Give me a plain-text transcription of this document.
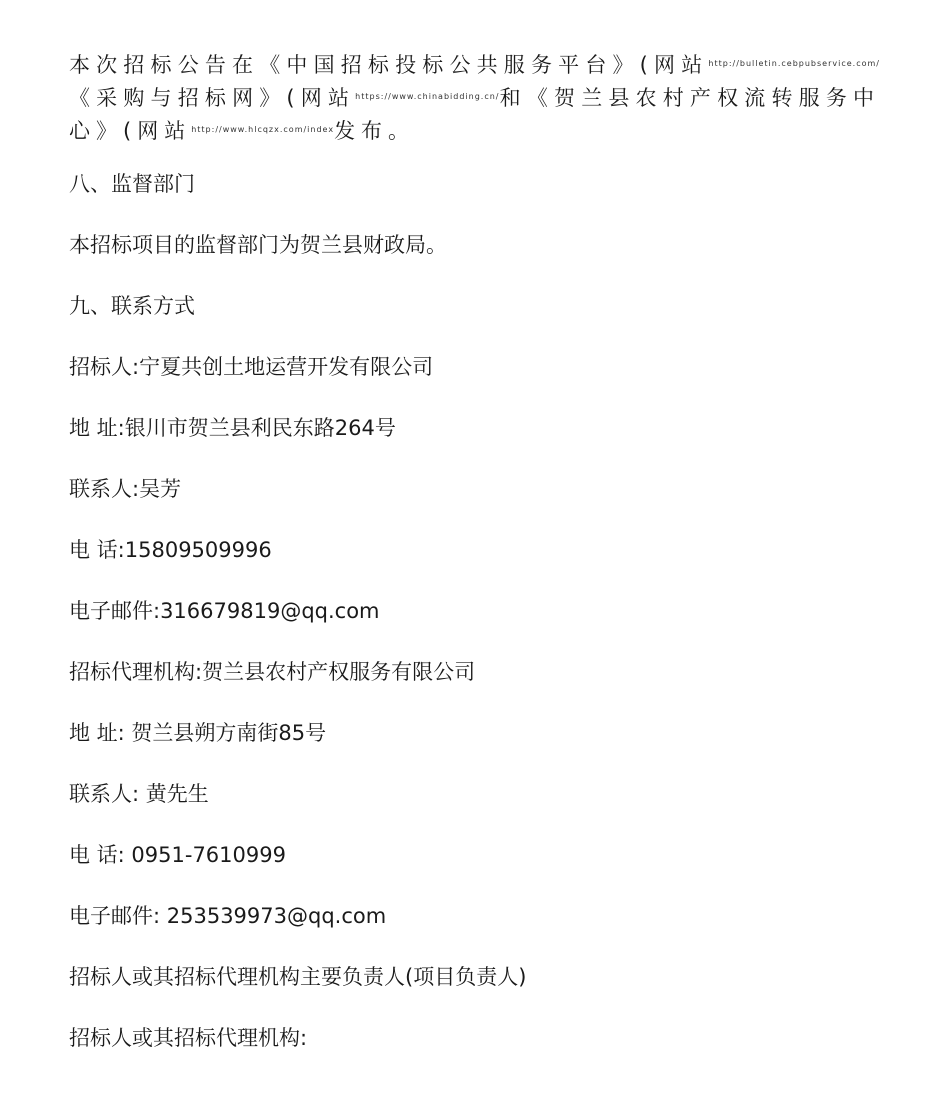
本次招标公告在《中国招标投标公共服务平台》(网站$^{http://bulletin.cebpubservice.com/}$《采购与招标网》(网站$^{https://www.chinabidding.cn/}$和《贺兰县农村产权流转服务中心》(网站$^{http://www.hlcqzx.com/index}$发布。

八、监督部门
本招标项目的监督部门为贺兰县财政局。
九、联系方式
招标人:宁夏共创土地运营开发有限公司
地 址:银川市贺兰县利民东路264号
联系人:吴芳
电 话:15809509996
电子邮件:316679819@qq.com
招标代理机构:贺兰县农村产权服务有限公司
地 址: 贺兰县朔方南街85号
联系人: 黄先生
电 话: 0951-7610999
电子邮件: 253539973@qq.com
招标人或其招标代理机构主要负责人(项目负责人)
招标人或其招标代理机构:
